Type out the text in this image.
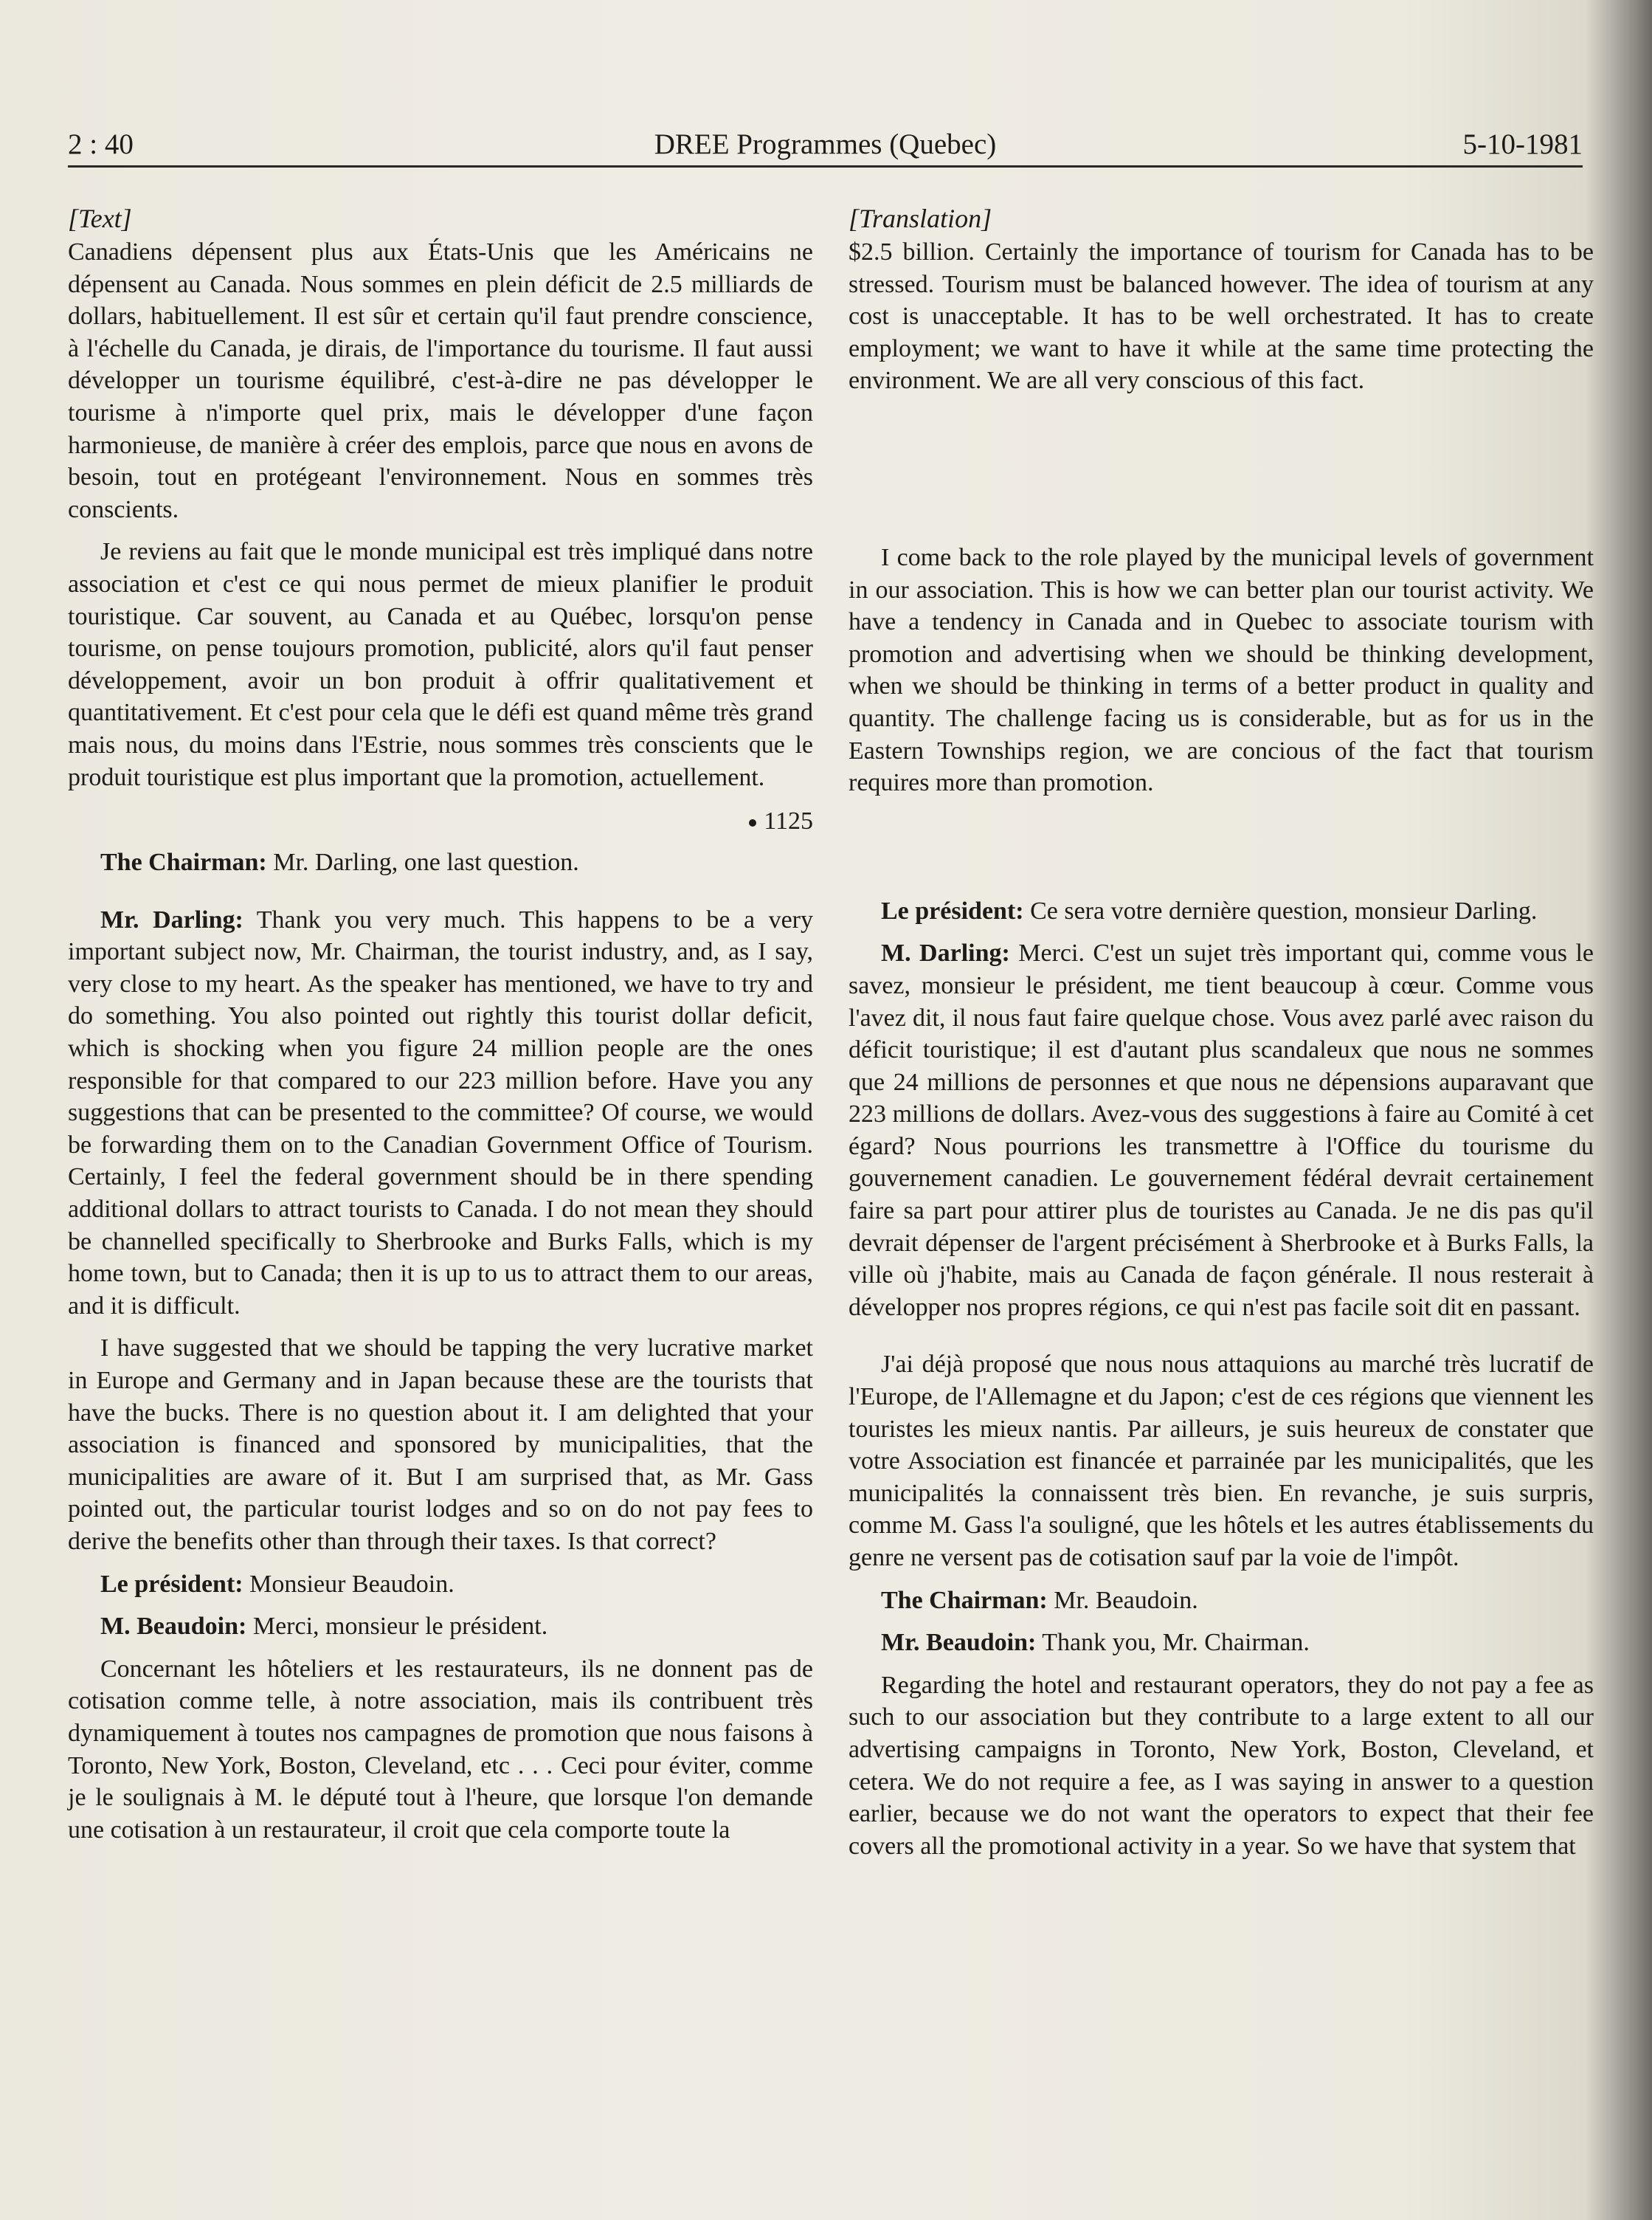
2 : 40	DREE Programmes (Quebec)	5-10-1981

[Text]

Canadiens dépensent plus aux États-Unis que les Américains ne dépensent au Canada. Nous sommes en plein déficit de 2.5 milliards de dollars, habituellement. Il est sûr et certain qu'il faut prendre conscience, à l'échelle du Canada, je dirais, de l'importance du tourisme. Il faut aussi développer un tourisme équilibré, c'est-à-dire ne pas développer le tourisme à n'importe quel prix, mais le développer d'une façon harmonieuse, de manière à créer des emplois, parce que nous en avons de besoin, tout en protégeant l'environnement. Nous en sommes très conscients.

Je reviens au fait que le monde municipal est très impliqué dans notre association et c'est ce qui nous permet de mieux planifier le produit touristique. Car souvent, au Canada et au Québec, lorsqu'on pense tourisme, on pense toujours promotion, publicité, alors qu'il faut penser développement, avoir un bon produit à offrir qualitativement et quantitativement. Et c'est pour cela que le défi est quand même très grand mais nous, du moins dans l'Estrie, nous sommes très conscients que le produit touristique est plus important que la promotion, actuellement.

1125

The Chairman: Mr. Darling, one last question.

Mr. Darling: Thank you very much. This happens to be a very important subject now, Mr. Chairman, the tourist industry, and, as I say, very close to my heart. As the speaker has mentioned, we have to try and do something. You also pointed out rightly this tourist dollar deficit, which is shocking when you figure 24 million people are the ones responsible for that compared to our 223 million before. Have you any suggestions that can be presented to the committee? Of course, we would be forwarding them on to the Canadian Government Office of Tourism. Certainly, I feel the federal government should be in there spending additional dollars to attract tourists to Canada. I do not mean they should be channelled specifically to Sherbrooke and Burks Falls, which is my home town, but to Canada; then it is up to us to attract them to our areas, and it is difficult.

I have suggested that we should be tapping the very lucrative market in Europe and Germany and in Japan because these are the tourists that have the bucks. There is no question about it. I am delighted that your association is financed and sponsored by municipalities, that the municipalities are aware of it. But I am surprised that, as Mr. Gass pointed out, the particular tourist lodges and so on do not pay fees to derive the benefits other than through their taxes. Is that correct?

Le président: Monsieur Beaudoin.

M. Beaudoin: Merci, monsieur le président.

Concernant les hôteliers et les restaurateurs, ils ne donnent pas de cotisation comme telle, à notre association, mais ils contribuent très dynamiquement à toutes nos campagnes de promotion que nous faisons à Toronto, New York, Boston, Cleveland, etc . . . Ceci pour éviter, comme je le soulignais à M. le député tout à l'heure, que lorsque l'on demande une cotisation à un restaurateur, il croit que cela comporte toute la

[Translation]

$2.5 billion. Certainly the importance of tourism for Canada has to be stressed. Tourism must be balanced however. The idea of tourism at any cost is unacceptable. It has to be well orchestrated. It has to create employment; we want to have it while at the same time protecting the environment. We are all very conscious of this fact.

I come back to the role played by the municipal levels of government in our association. This is how we can better plan our tourist activity. We have a tendency in Canada and in Quebec to associate tourism with promotion and advertising when we should be thinking development, when we should be thinking in terms of a better product in quality and quantity. The challenge facing us is considerable, but as for us in the Eastern Townships region, we are concious of the fact that tourism requires more than promotion.

Le président: Ce sera votre dernière question, monsieur Darling.

M. Darling: Merci. C'est un sujet très important qui, comme vous le savez, monsieur le président, me tient beaucoup à cœur. Comme vous l'avez dit, il nous faut faire quelque chose. Vous avez parlé avec raison du déficit touristique; il est d'autant plus scandaleux que nous ne sommes que 24 millions de personnes et que nous ne dépensions auparavant que 223 millions de dollars. Avez-vous des suggestions à faire au Comité à cet égard? Nous pourrions les transmettre à l'Office du tourisme du gouvernement canadien. Le gouvernement fédéral devrait certainement faire sa part pour attirer plus de touristes au Canada. Je ne dis pas qu'il devrait dépenser de l'argent précisément à Sherbrooke et à Burks Falls, la ville où j'habite, mais au Canada de façon générale. Il nous resterait à développer nos propres régions, ce qui n'est pas facile soit dit en passant.

J'ai déjà proposé que nous nous attaquions au marché très lucratif de l'Europe, de l'Allemagne et du Japon; c'est de ces régions que viennent les touristes les mieux nantis. Par ailleurs, je suis heureux de constater que votre Association est financée et parrainée par les municipalités, que les municipalités la connaissent très bien. En revanche, je suis surpris, comme M. Gass l'a souligné, que les hôtels et les autres établissements du genre ne versent pas de cotisation sauf par la voie de l'impôt.

The Chairman: Mr. Beaudoin.

Mr. Beaudoin: Thank you, Mr. Chairman.

Regarding the hotel and restaurant operators, they do not pay a fee as such to our association but they contribute to a large extent to all our advertising campaigns in Toronto, New York, Boston, Cleveland, et cetera. We do not require a fee, as I was saying in answer to a question earlier, because we do not want the operators to expect that their fee covers all the promotional activity in a year. So we have that system that
